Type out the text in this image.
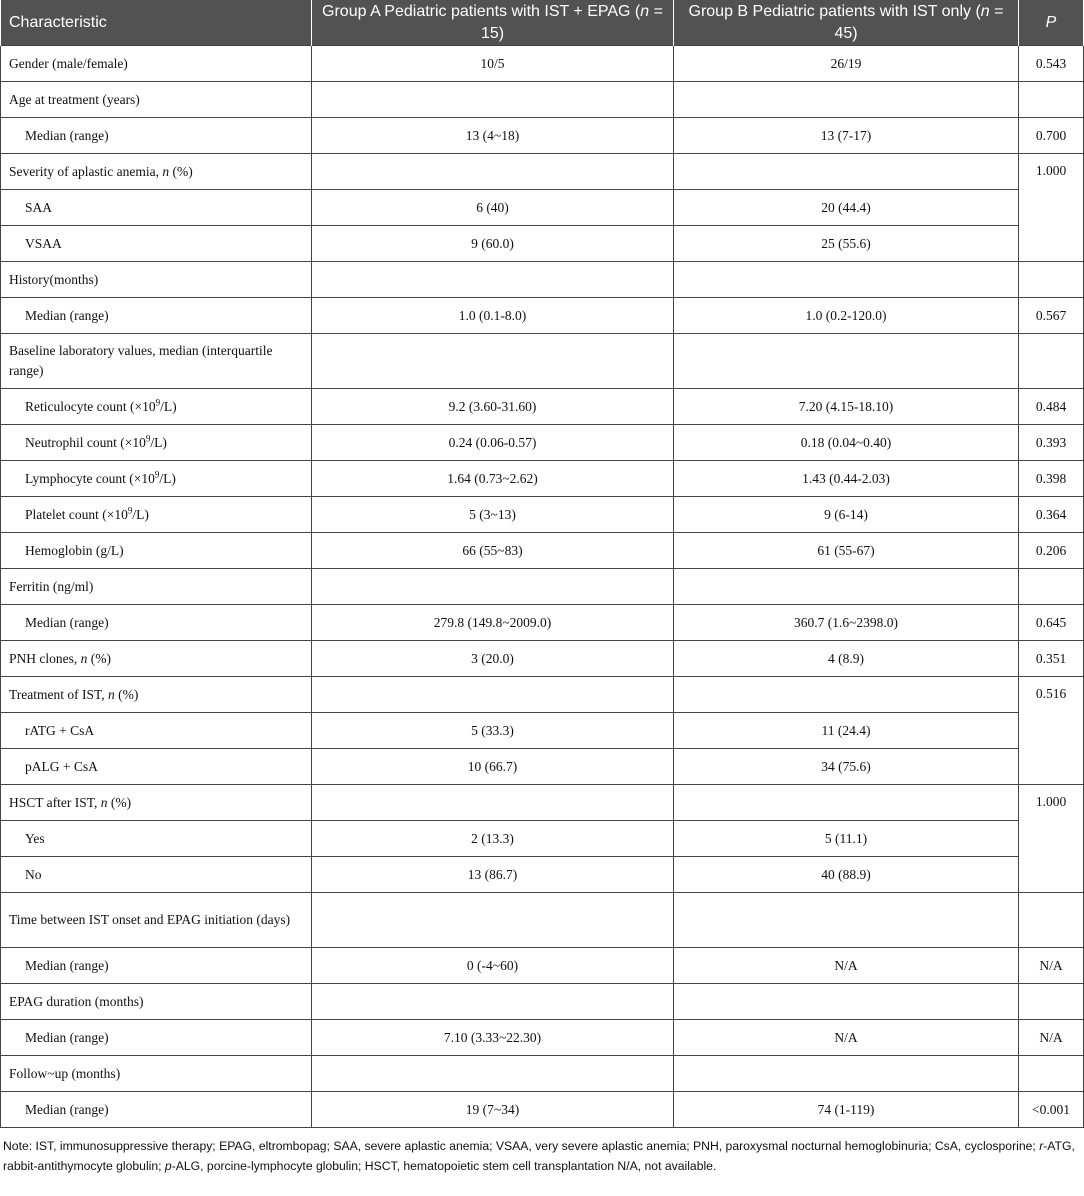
Characteristic	Group A Pediatric patients with IST + EPAG (n = 15)	Group B Pediatric patients with IST only (n = 45)	P
Gender (male/female)	10/5	26/19	0.543
Age at treatment (years)			
Median (range)	13 (4~18)	13 (7-17)	0.700
Severity of aplastic anemia, n (%)			1.000
SAA	6 (40)	20 (44.4)	
VSAA	9 (60.0)	25 (55.6)	
History(months)			
Median (range)	1.0 (0.1-8.0)	1.0 (0.2-120.0)	0.567
Baseline laboratory values, median (interquartile range)			
Reticulocyte count $(\times 10^9/L)$	9.2 (3.60-31.60)	7.20 (4.15-18.10)	0.484
Neutrophil count $(\times 10^9/L)$	0.24 (0.06-0.57)	0.18 (0.04~0.40)	0.393
Lymphocyte count $(\times 10^9/L)$	1.64 (0.73~2.62)	1.43 (0.44-2.03)	0.398
Platelet count $(\times 10^9/L)$	5 (3~13)	9 (6-14)	0.364
Hemoglobin (g/L)	66 (55~83)	61 (55-67)	0.206
Ferritin (ng/ml)			
Median (range)	279.8 (149.8~2009.0)	360.7 (1.6~2398.0)	0.645
PNH clones, n (%)	3 (20.0)	4 (8.9)	0.351
Treatment of IST, n (%)			0.516
rATG + CsA	5 (33.3)	11 (24.4)	
pALG + CsA	10 (66.7)	34 (75.6)	
HSCT after IST, n (%)			1.000
Yes	2 (13.3)	5 (11.1)	
No	13 (86.7)	40 (88.9)	
Time between IST onset and EPAG initiation (days)			
Median (range)	0 (-4~60)	N/A	N/A
EPAG duration (months)			
Median (range)	7.10 (3.33~22.30)	N/A	N/A
Follow~up (months)			
Median (range)	19 (7~34)	74 (1-119)	<0.001
Note: IST, immunosuppressive therapy; EPAG, eltrombopag; SAA, severe aplastic anemia; VSAA, very severe aplastic anemia; PNH, paroxysmal nocturnal hemoglobinuria; CsA, cyclosporine; r-ATG, rabbit-antithymocyte globulin; p-ALG, porcine-lymphocyte globulin; HSCT, hematopoietic stem cell transplantation N/A, not available.
